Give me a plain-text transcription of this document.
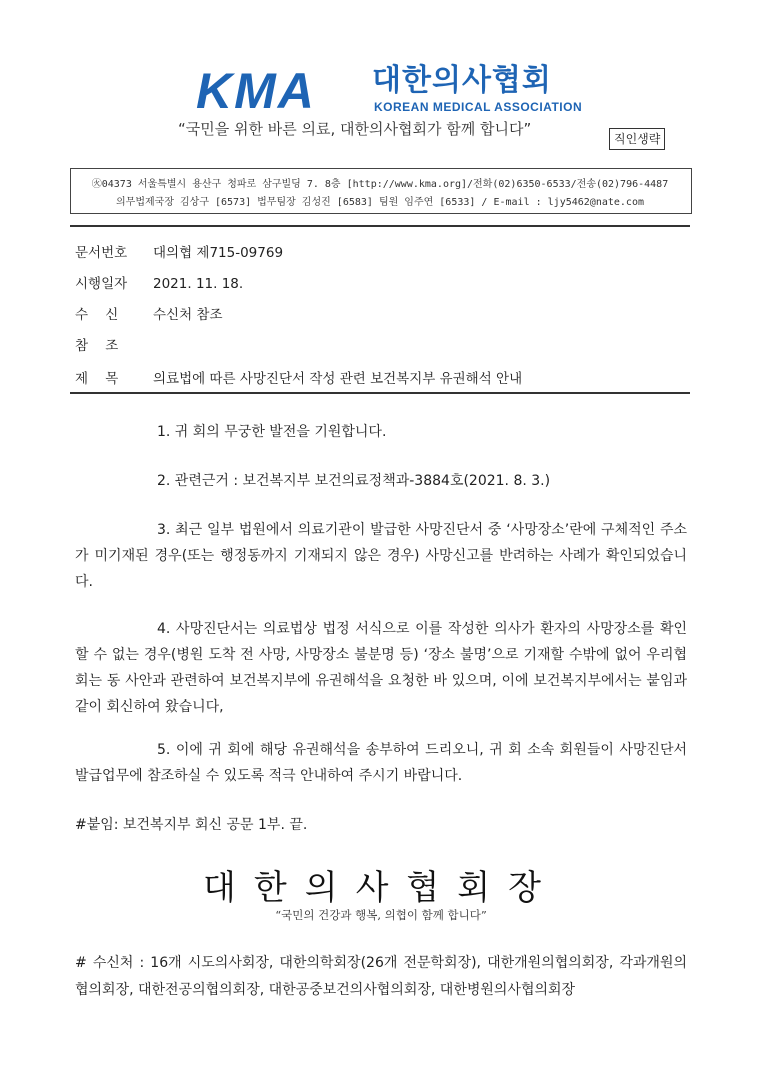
KMA 대한의사협회
KOREAN MEDICAL ASSOCIATION
“국민을 위한 바른 의료, 대한의사협회가 함께 합니다”
직인생략
㊋04373 서울특별시 용산구 청파로 삼구빌딩 7. 8층 [http://www.kma.org]/전화(02)6350-6533/전송(02)796-4487
의무법제국장 김상구 [6573] 법무팀장 김성진 [6583] 팀원 임주연 [6533] / E-mail : ljy5462@nate.com
문서번호 대의협 제715-09769
시행일자 2021. 11. 18.
수    신	수신처 참조
참    조
제    목	의료법에 따른 사망진단서 작성 관련 보건복지부 유권해석 안내
1. 귀 회의 무궁한 발전을 기원합니다.
2. 관련근거 : 보건복지부 보건의료정책과-3884호(2021. 8. 3.)
3. 최근 일부 법원에서 의료기관이 발급한 사망진단서 중 ‘사망장소’란에 구체적인 주소가 미기재된 경우(또는 행정동까지 기재되지 않은 경우) 사망신고를 반려하는 사례가 확인되었습니다.
4. 사망진단서는 의료법상 법정 서식으로 이를 작성한 의사가 환자의 사망장소를 확인할 수 없는 경우(병원 도착 전 사망, 사망장소 불분명 등) ‘장소 불명’으로 기재할 수밖에 없어 우리협회는 동 사안과 관련하여 보건복지부에 유권해석을 요청한 바 있으며, 이에 보건복지부에서는 붙임과 같이 회신하여 왔습니다,
5. 이에 귀 회에 해당 유권해석을 송부하여 드리오니, 귀 회 소속 회원들이 사망진단서 발급업무에 참조하실 수 있도록 적극 안내하여 주시기 바랍니다.
#붙임: 보건복지부 회신 공문 1부. 끝.
대한의사협회장
“국민의 건강과 행복, 의협이 함께 합니다”
# 수신처 : 16개 시도의사회장, 대한의학회장(26개 전문학회장), 대한개원의협의회장, 각과개원의협의회장, 대한전공의협의회장, 대한공중보건의사협의회장, 대한병원의사협의회장
